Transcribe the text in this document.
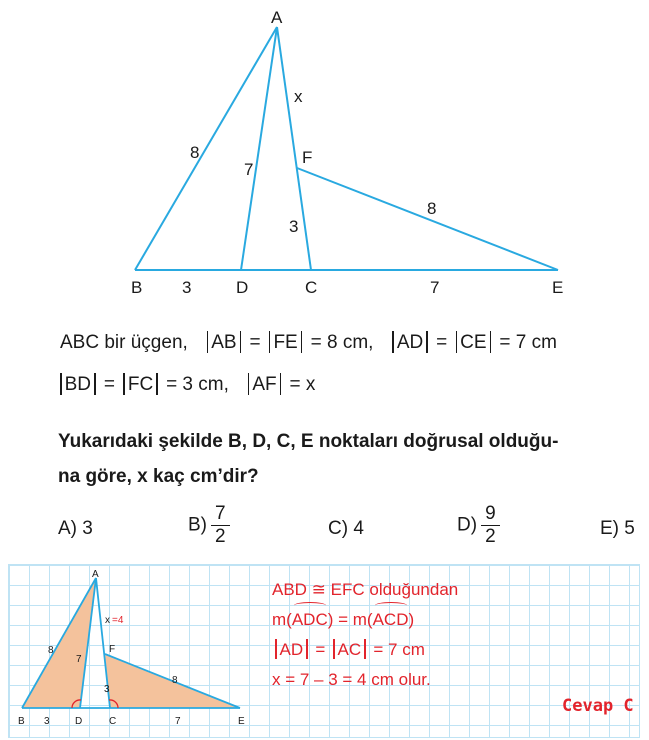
A
B	D	C	E
F
8
7
x
3
8
3	7
ABC bir üçgen, AB = FE = 8 cm, AD = CE = 7 cm
BD = FC = 3 cm, AF = x
Yukarıdaki şekilde B, D, C, E noktaları doğrusal olduğu-
na göre, x kaç cm’dir?
A) 3	$B) \frac{7}{2}$	C) 4	$D) \frac{9}{2}$	E) 5
A
B	D	C	E
F
8
7
3
8
3	7
x =4
ABD ≅ EFC olduğundan
m(ADC) = m(ACD)
AD = AC = 7 cm
x = 7 – 3 = 4 cm olur.
Cevap C
